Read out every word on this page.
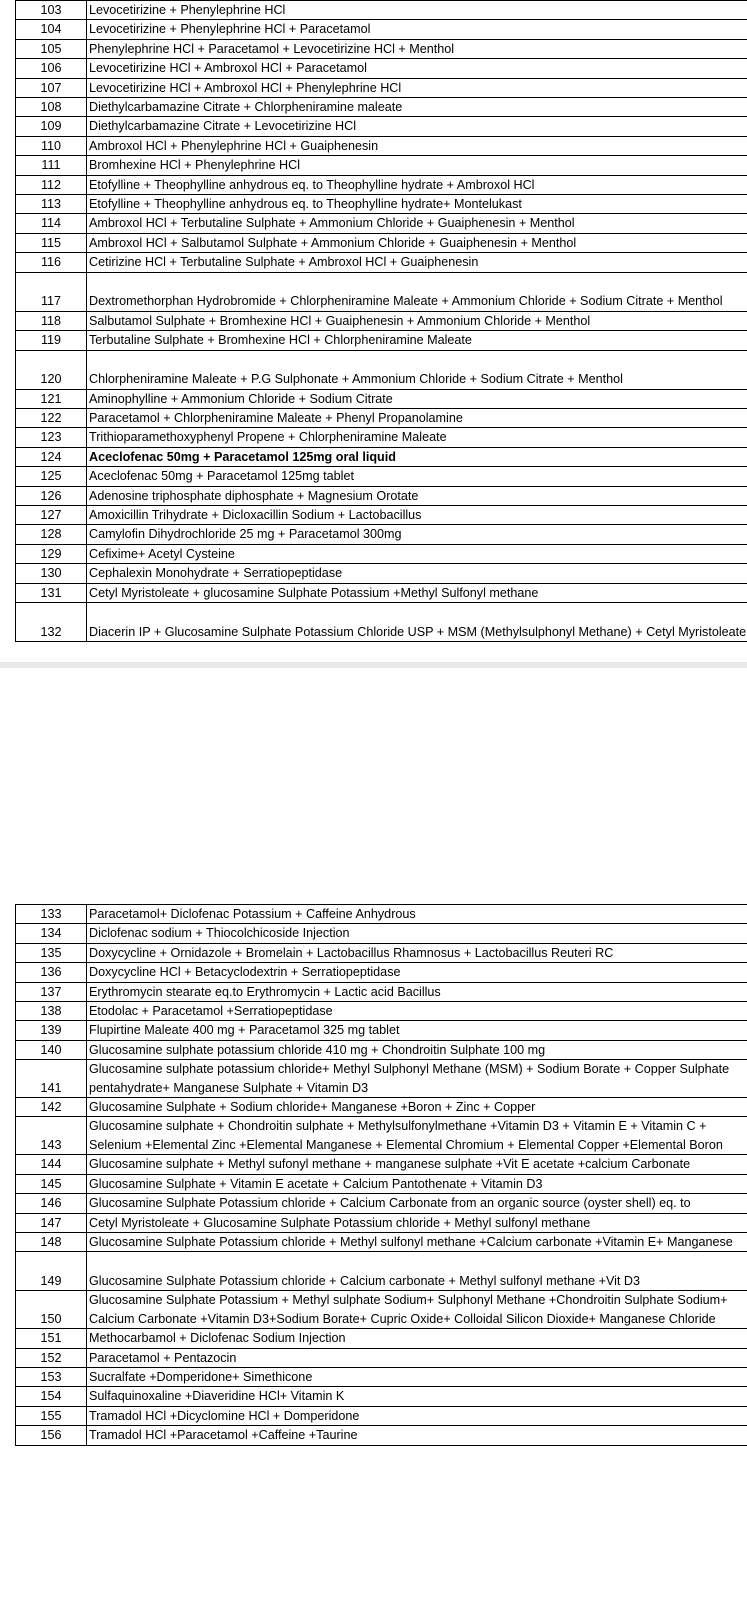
103	Levocetirizine + Phenylephrine HCl
104	Levocetirizine + Phenylephrine HCl + Paracetamol
105	Phenylephrine HCl + Paracetamol + Levocetirizine HCl + Menthol
106	Levocetirizine HCl + Ambroxol HCl + Paracetamol
107	Levocetirizine HCl + Ambroxol HCl + Phenylephrine HCl
108	Diethylcarbamazine Citrate + Chlorpheniramine maleate
109	Diethylcarbamazine Citrate + Levocetirizine HCl
110	Ambroxol HCl + Phenylephrine HCl + Guaiphenesin
111	Bromhexine HCl + Phenylephrine HCl
112	Etofylline + Theophylline anhydrous eq. to Theophylline hydrate + Ambroxol HCl
113	Etofylline + Theophylline anhydrous eq. to Theophylline hydrate+ Montelukast
114	Ambroxol HCl + Terbutaline Sulphate + Ammonium Chloride + Guaiphenesin + Menthol
115	Ambroxol HCl + Salbutamol Sulphate + Ammonium Chloride + Guaiphenesin + Menthol
116	Cetirizine HCl + Terbutaline Sulphate + Ambroxol HCl + Guaiphenesin
117	Dextromethorphan Hydrobromide + Chlorpheniramine Maleate + Ammonium Chloride + Sodium Citrate + Menthol
118	Salbutamol Sulphate + Bromhexine HCl + Guaiphenesin + Ammonium Chloride + Menthol
119	Terbutaline Sulphate + Bromhexine HCl + Chlorpheniramine Maleate
120	Chlorpheniramine Maleate + P.G Sulphonate + Ammonium Chloride + Sodium Citrate + Menthol
121	Aminophylline + Ammonium Chloride + Sodium Citrate
122	Paracetamol + Chlorpheniramine Maleate + Phenyl Propanolamine
123	Trithioparamethoxyphenyl Propene + Chlorpheniramine Maleate
124	Aceclofenac 50mg + Paracetamol 125mg oral liquid
125	Aceclofenac 50mg + Paracetamol 125mg tablet
126	Adenosine triphosphate diphosphate + Magnesium Orotate
127	Amoxicillin Trihydrate + Dicloxacillin Sodium + Lactobacillus
128	Camylofin Dihydrochloride 25 mg + Paracetamol 300mg
129	Cefixime+ Acetyl Cysteine
130	Cephalexin Monohydrate + Serratiopeptidase
131	Cetyl Myristoleate + glucosamine Sulphate Potassium +Methyl Sulfonyl methane
132	Diacerin IP + Glucosamine Sulphate Potassium Chloride USP + MSM (Methylsulphonyl Methane) + Cetyl Myristoleate
133	Paracetamol+ Diclofenac Potassium + Caffeine Anhydrous
134	Diclofenac sodium + Thiocolchicoside Injection
135	Doxycycline + Ornidazole + Bromelain + Lactobacillus Rhamnosus + Lactobacillus Reuteri RC
136	Doxycycline HCl + Betacyclodextrin + Serratiopeptidase
137	Erythromycin stearate eq.to Erythromycin + Lactic acid Bacillus
138	Etodolac + Paracetamol +Serratiopeptidase
139	Flupirtine Maleate 400 mg + Paracetamol 325 mg tablet
140	Glucosamine sulphate potassium chloride 410 mg + Chondroitin Sulphate 100 mg
141	Glucosamine sulphate potassium chloride+ Methyl Sulphonyl Methane (MSM) + Sodium Borate + Copper Sulphate pentahydrate+ Manganese Sulphate + Vitamin D3
142	Glucosamine Sulphate + Sodium chloride+ Manganese +Boron + Zinc + Copper
143	Glucosamine sulphate + Chondroitin sulphate + Methylsulfonylmethane +Vitamin D3 + Vitamin E + Vitamin C + Selenium +Elemental Zinc +Elemental Manganese + Elemental Chromium + Elemental Copper +Elemental Boron
144	Glucosamine sulphate + Methyl sufonyl methane + manganese sulphate +Vit E acetate +calcium Carbonate
145	Glucosamine Sulphate + Vitamin E acetate + Calcium Pantothenate + Vitamin D3
146	Glucosamine Sulphate Potassium chloride + Calcium Carbonate from an organic source (oyster shell) eq. to
147	Cetyl Myristoleate + Glucosamine Sulphate Potassium chloride + Methyl sulfonyl methane
148	Glucosamine Sulphate Potassium chloride + Methyl sulfonyl methane +Calcium carbonate +Vitamin E+ Manganese
149	Glucosamine Sulphate Potassium chloride + Calcium carbonate + Methyl sulfonyl methane +Vit D3
150	Glucosamine Sulphate Potassium + Methyl sulphate Sodium+ Sulphonyl Methane +Chondroitin Sulphate Sodium+ Calcium Carbonate +Vitamin D3+Sodium Borate+ Cupric Oxide+ Colloidal Silicon Dioxide+ Manganese Chloride
151	Methocarbamol + Diclofenac Sodium Injection
152	Paracetamol + Pentazocin
153	Sucralfate +Domperidone+ Simethicone
154	Sulfaquinoxaline +Diaveridine HCl+ Vitamin K
155	Tramadol HCl +Dicyclomine HCl + Domperidone
156	Tramadol HCl +Paracetamol +Caffeine +Taurine
